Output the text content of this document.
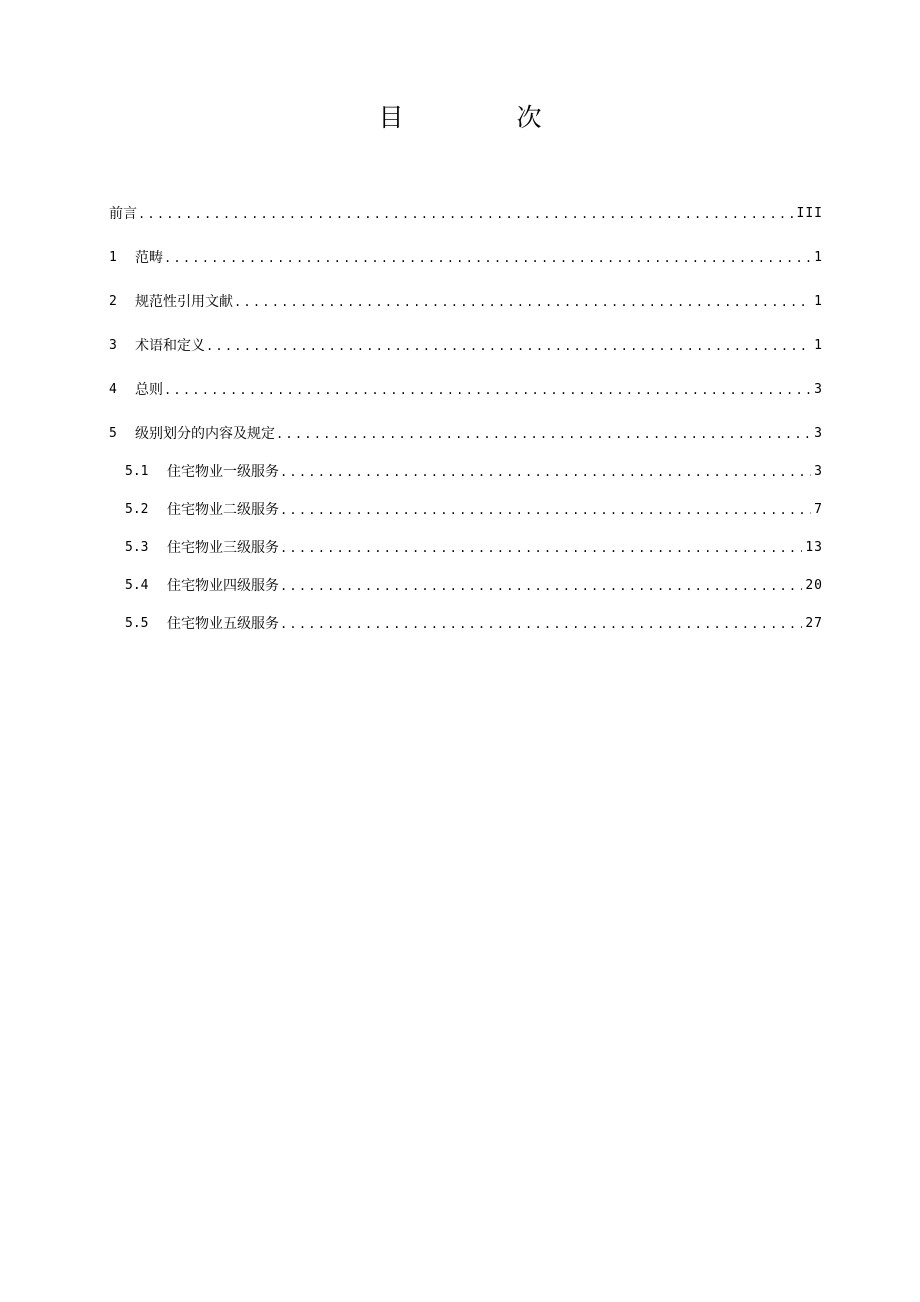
目　次
前言 .....	III
1	范畴 .....	1
2	规范性引用文献 .....	1
3	术语和定义 .....	1
4	总则 .....	3
5	级别划分的内容及规定 .....	3
5.1	住宅物业一级服务 .....	3
5.2	住宅物业二级服务 .....	7
5.3	住宅物业三级服务 .....	13
5.4	住宅物业四级服务 .....	20
5.5	住宅物业五级服务 .....	27
